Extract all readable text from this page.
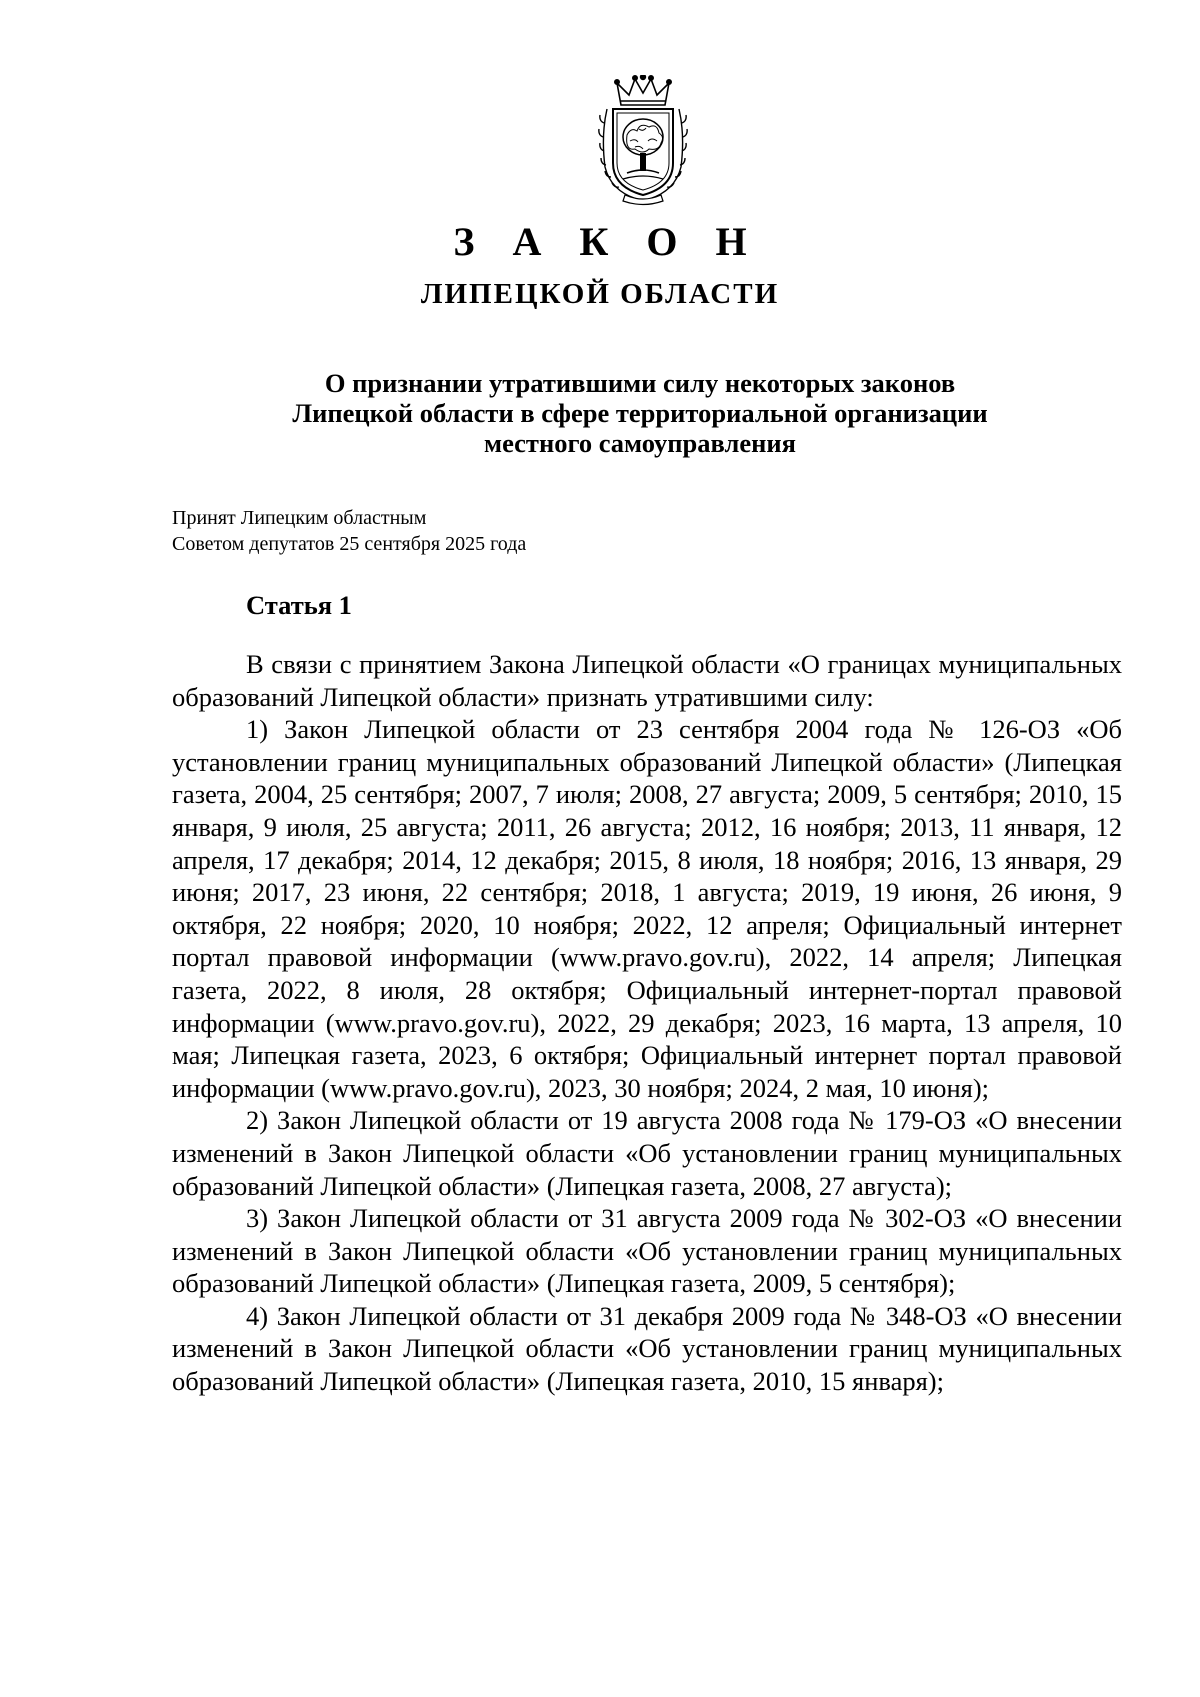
З А К О Н
ЛИПЕЦКОЙ ОБЛАСТИ
О признании утратившими силу некоторых законов
Липецкой области в сфере территориальной организации
местного самоуправления
Принят Липецким областным
Советом депутатов 25 сентября 2025 года
Статья 1

В связи с принятием Закона Липецкой области «О границах муниципальных образований Липецкой области» признать утратившими силу:

1) Закон Липецкой области от 23 сентября 2004 года № 126-ОЗ «Об установлении границ муниципальных образований Липецкой области» (Липецкая газета, 2004, 25 сентября; 2007, 7 июля; 2008, 27 августа; 2009, 5 сентября; 2010, 15 января, 9 июля, 25 августа; 2011, 26 августа; 2012, 16 ноября; 2013, 11 января, 12 апреля, 17 декабря; 2014, 12 декабря; 2015, 8 июля, 18 ноября; 2016, 13 января, 29 июня; 2017, 23 июня, 22 сентября; 2018, 1 августа; 2019, 19 июня, 26 июня, 9 октября, 22 ноября; 2020, 10 ноября; 2022, 12 апреля; Официальный интернет портал правовой информации (www.pravo.gov.ru), 2022, 14 апреля; Липецкая газета, 2022, 8 июля, 28 октября; Официальный интернет-портал правовой информации (www.pravo.gov.ru), 2022, 29 декабря; 2023, 16 марта, 13 апреля, 10 мая; Липецкая газета, 2023, 6 октября; Официальный интернет портал правовой информации (www.pravo.gov.ru), 2023, 30 ноября; 2024, 2 мая, 10 июня);

2) Закон Липецкой области от 19 августа 2008 года № 179-ОЗ «О внесении изменений в Закон Липецкой области «Об установлении границ муниципальных образований Липецкой области» (Липецкая газета, 2008, 27 августа);

3) Закон Липецкой области от 31 августа 2009 года № 302-ОЗ «О внесении изменений в Закон Липецкой области «Об установлении границ муниципальных образований Липецкой области» (Липецкая газета, 2009, 5 сентября);

4) Закон Липецкой области от 31 декабря 2009 года № 348-ОЗ «О внесении изменений в Закон Липецкой области «Об установлении границ муниципальных образований Липецкой области» (Липецкая газета, 2010, 15 января);
